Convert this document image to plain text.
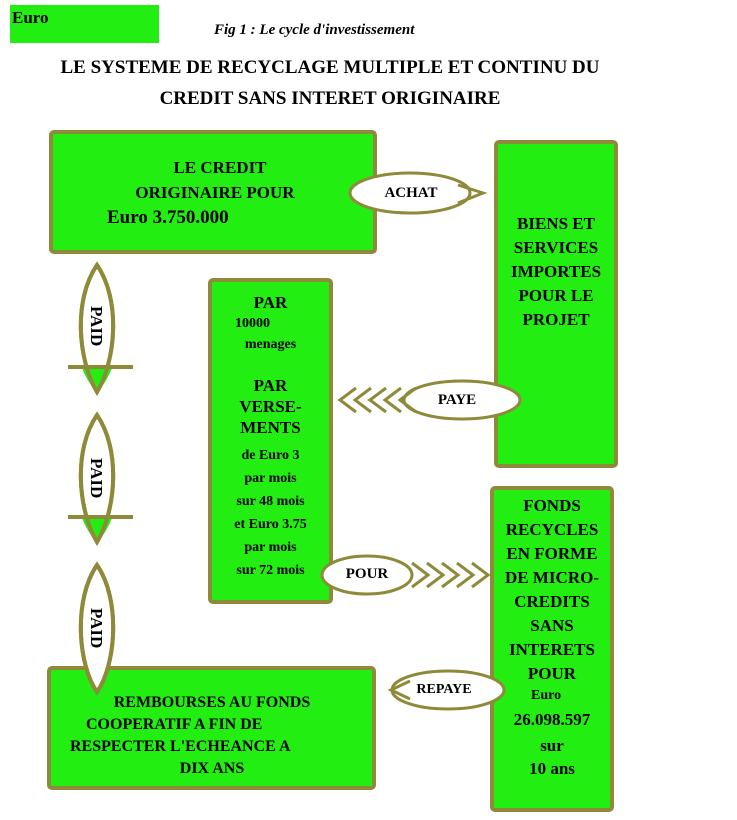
Euro
Fig 1 : Le cycle d'investissement
LE SYSTEME DE RECYCLAGE MULTIPLE ET CONTINU DU
CREDIT SANS INTERET ORIGINAIRE
ACHAT
PAYE
POUR
REPAYE
PAID
PAID
PAID
LE CREDIT
ORIGINAIRE POUR
Euro 3.750.000	BIENS ET
SERVICES
IMPORTES
POUR LE
PROJET
PAR
10000
menages
PAR
VERSE-
MENTS
de Euro 3
par mois
sur 48 mois
et Euro 3.75
par mois
sur 72 mois
FONDS
RECYCLES
EN FORME
DE MICRO-
CREDITS
SANS
INTERETS
POUR
Euro
26.098.597
sur
10 ans
REMBOURSES AU FONDS
COOPERATIF A FIN DE
RESPECTER L'ECHEANCE A
DIX ANS
